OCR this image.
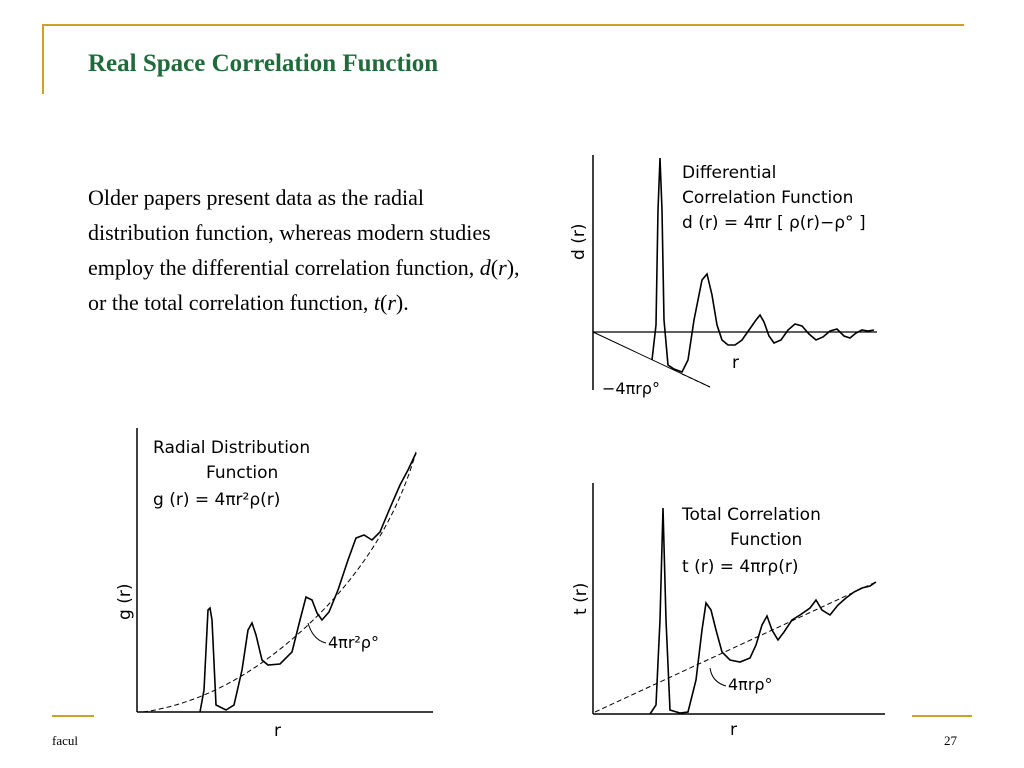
Real Space Correlation Function
Older papers present data as the radial distribution function, whereas modern studies employ the differential correlation function, d(r), or the total correlation function, t(r).
Differential
Correlation Function
d (r) = 4πr [ ρ(r)−ρ° ]
d (r)
r
−4πrρ°
Radial Distribution
Function
g (r) = 4πr²ρ(r)
g (r)
r
4πr²ρ°
Total Correlation
Function
t (r) = 4πrρ(r)
t (r)
r
4πrρ°
facul	27
